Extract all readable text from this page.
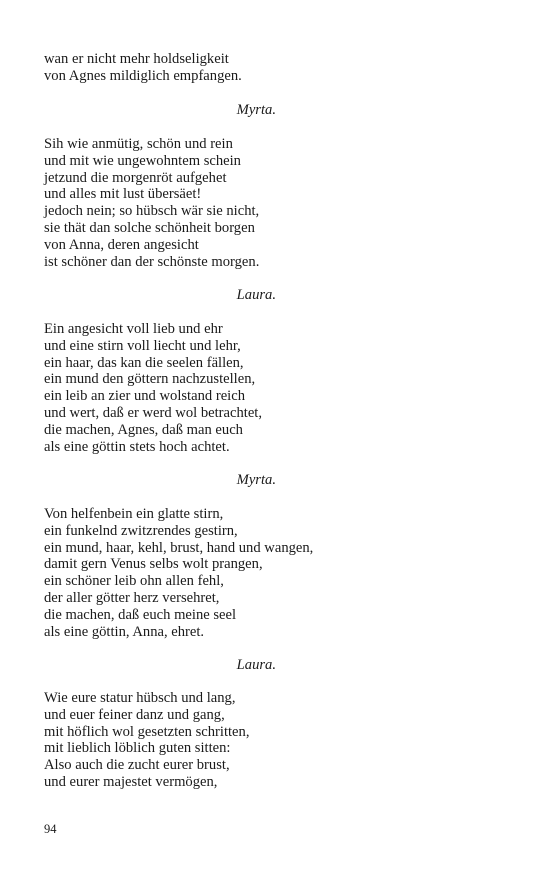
wan er nicht mehr holdseligkeit
von Agnes mildiglich empfangen.
Myrta.
Sih wie anmütig, schön und rein
und mit wie ungewohntem schein
jetzund die morgenröt aufgehet
und alles mit lust übersäet!
jedoch nein; so hübsch wär sie nicht,
sie thät dan solche schönheit borgen
von Anna, deren angesicht
ist schöner dan der schönste morgen.
Laura.
Ein angesicht voll lieb und ehr
und eine stirn voll liecht und lehr,
ein haar, das kan die seelen fällen,
ein mund den göttern nachzustellen,
ein leib an zier und wolstand reich
und wert, daß er werd wol betrachtet,
die machen, Agnes, daß man euch
als eine göttin stets hoch achtet.
Myrta.
Von helfenbein ein glatte stirn,
ein funkelnd zwitzrendes gestirn,
ein mund, haar, kehl, brust, hand und wangen,
damit gern Venus selbs wolt prangen,
ein schöner leib ohn allen fehl,
der aller götter herz versehret,
die machen, daß euch meine seel
als eine göttin, Anna, ehret.
Laura.
Wie eure statur hübsch und lang,
und euer feiner danz und gang,
mit höflich wol gesetzten schritten,
mit lieblich löblich guten sitten:
Also auch die zucht eurer brust,
und eurer majestet vermögen,
94
